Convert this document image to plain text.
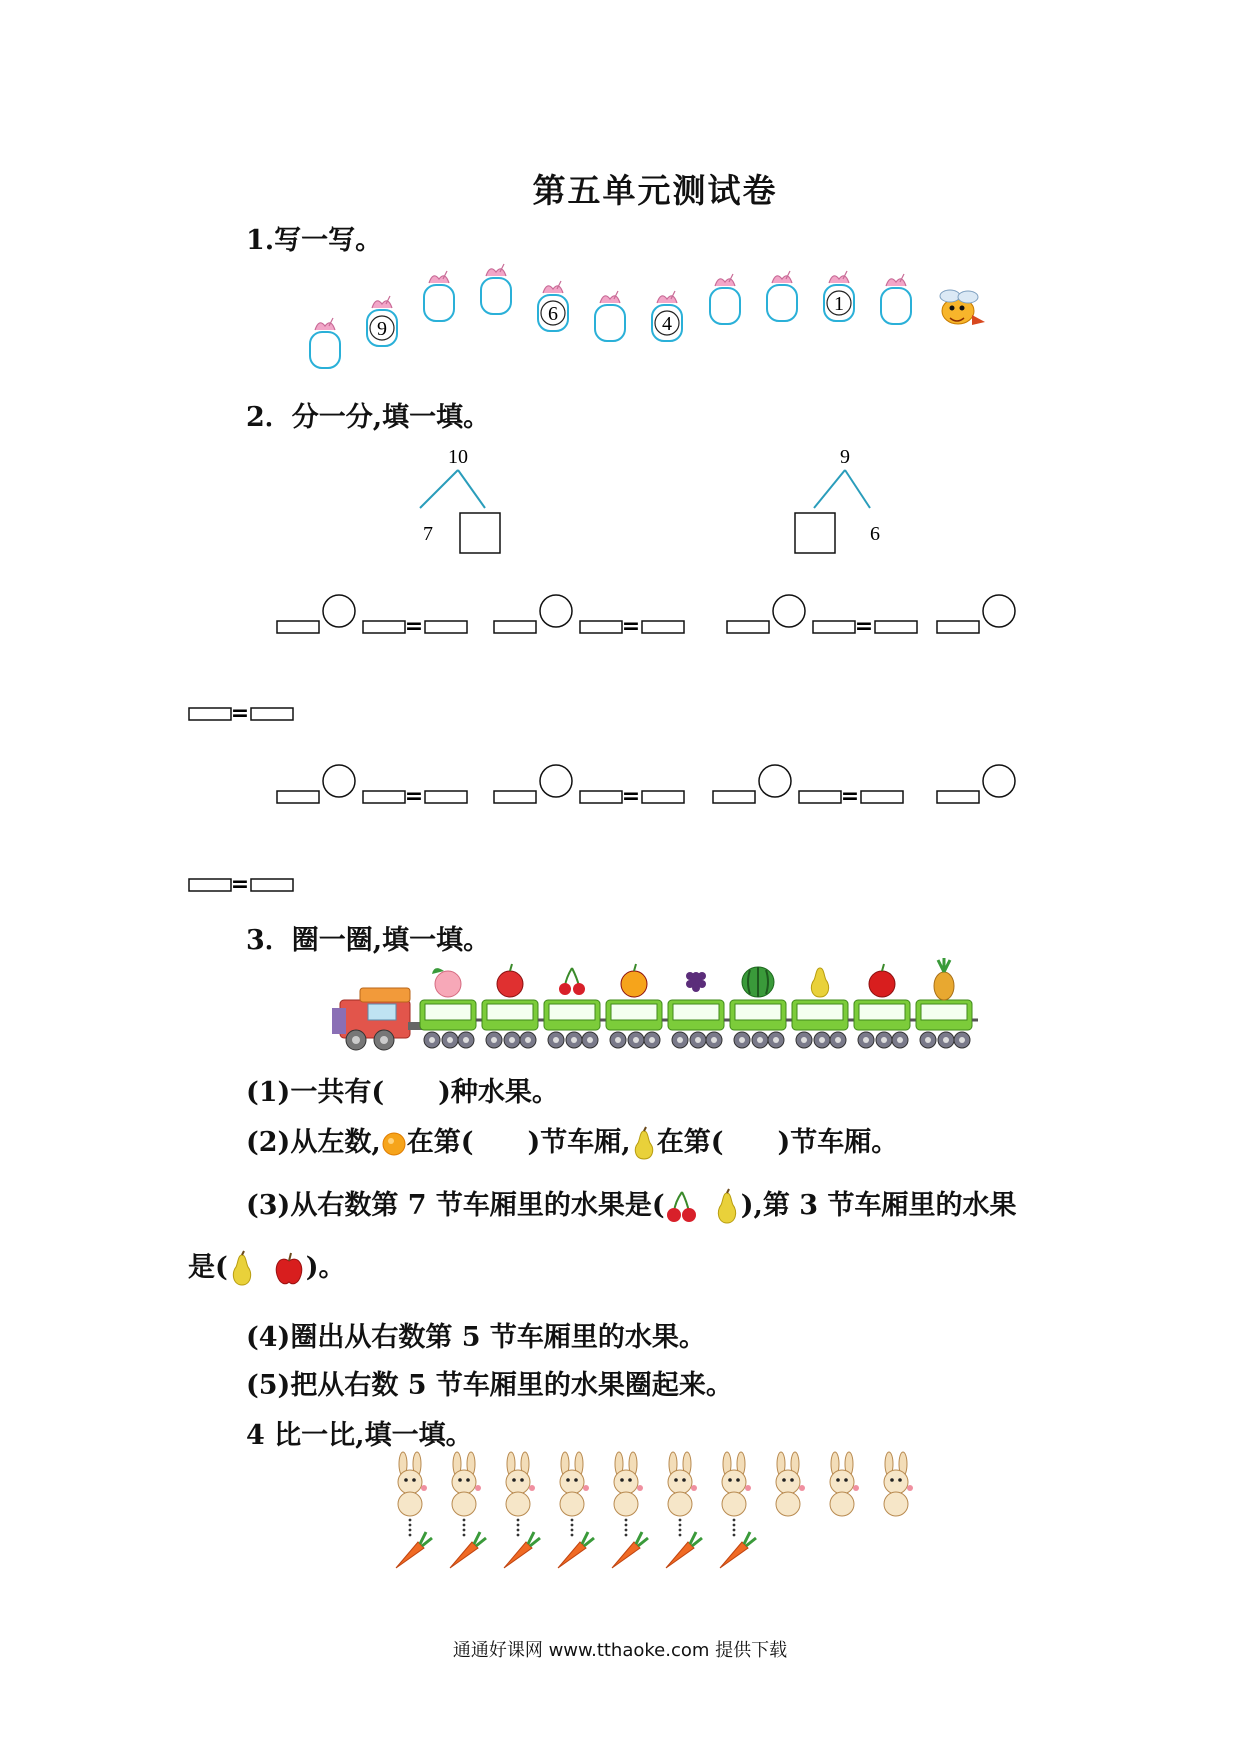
第五单元测试卷
1.写一写。
9
6	4
1
2．分一分,填一填。
10
7
9
6
=	=	=
=
=	=	=
=
3．圈一圈,填一填。
(1)一共有(　　)种水果。
(2)从左数, 在第(　　)节车厢, 在第(　　)节车厢。
(3)从右数第 7 节车厢里的水果是(	),第 3 节车厢里的水果
是(	)。
(4)圈出从右数第 5 节车厢里的水果。
(5)把从右数 5 节车厢里的水果圈起来。
4 比一比,填一填。
通通好课网 www.tthaoke.com 提供下载
